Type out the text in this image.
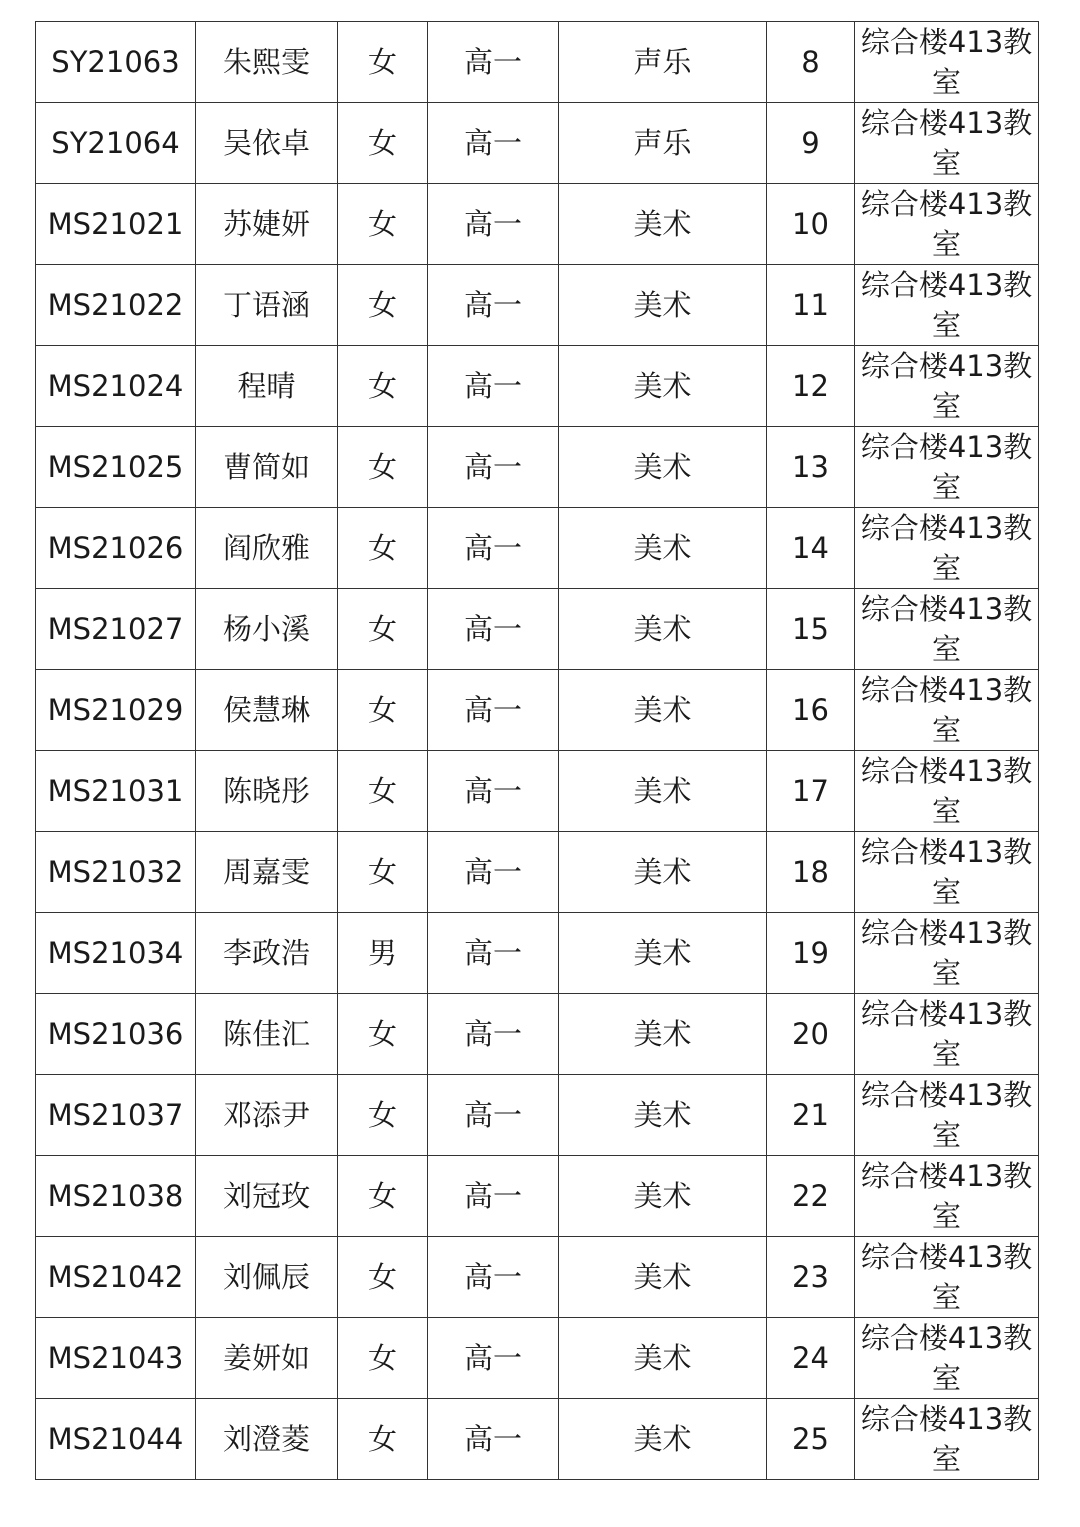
SY21063	朱熙雯	女	高一	声乐	8	综合楼413教室
SY21064	吴依卓	女	高一	声乐	9	综合楼413教室
MS21021	苏婕妍	女	高一	美术	10	综合楼413教室
MS21022	丁语涵	女	高一	美术	11	综合楼413教室
MS21024	程晴	女	高一	美术	12	综合楼413教室
MS21025	曹简如	女	高一	美术	13	综合楼413教室
MS21026	阎欣雅	女	高一	美术	14	综合楼413教室
MS21027	杨小溪	女	高一	美术	15	综合楼413教室
MS21029	侯慧琳	女	高一	美术	16	综合楼413教室
MS21031	陈晓彤	女	高一	美术	17	综合楼413教室
MS21032	周嘉雯	女	高一	美术	18	综合楼413教室
MS21034	李政浩	男	高一	美术	19	综合楼413教室
MS21036	陈佳汇	女	高一	美术	20	综合楼413教室
MS21037	邓添尹	女	高一	美术	21	综合楼413教室
MS21038	刘冠玫	女	高一	美术	22	综合楼413教室
MS21042	刘佩辰	女	高一	美术	23	综合楼413教室
MS21043	姜妍如	女	高一	美术	24	综合楼413教室
MS21044	刘澄菱	女	高一	美术	25	综合楼413教室
